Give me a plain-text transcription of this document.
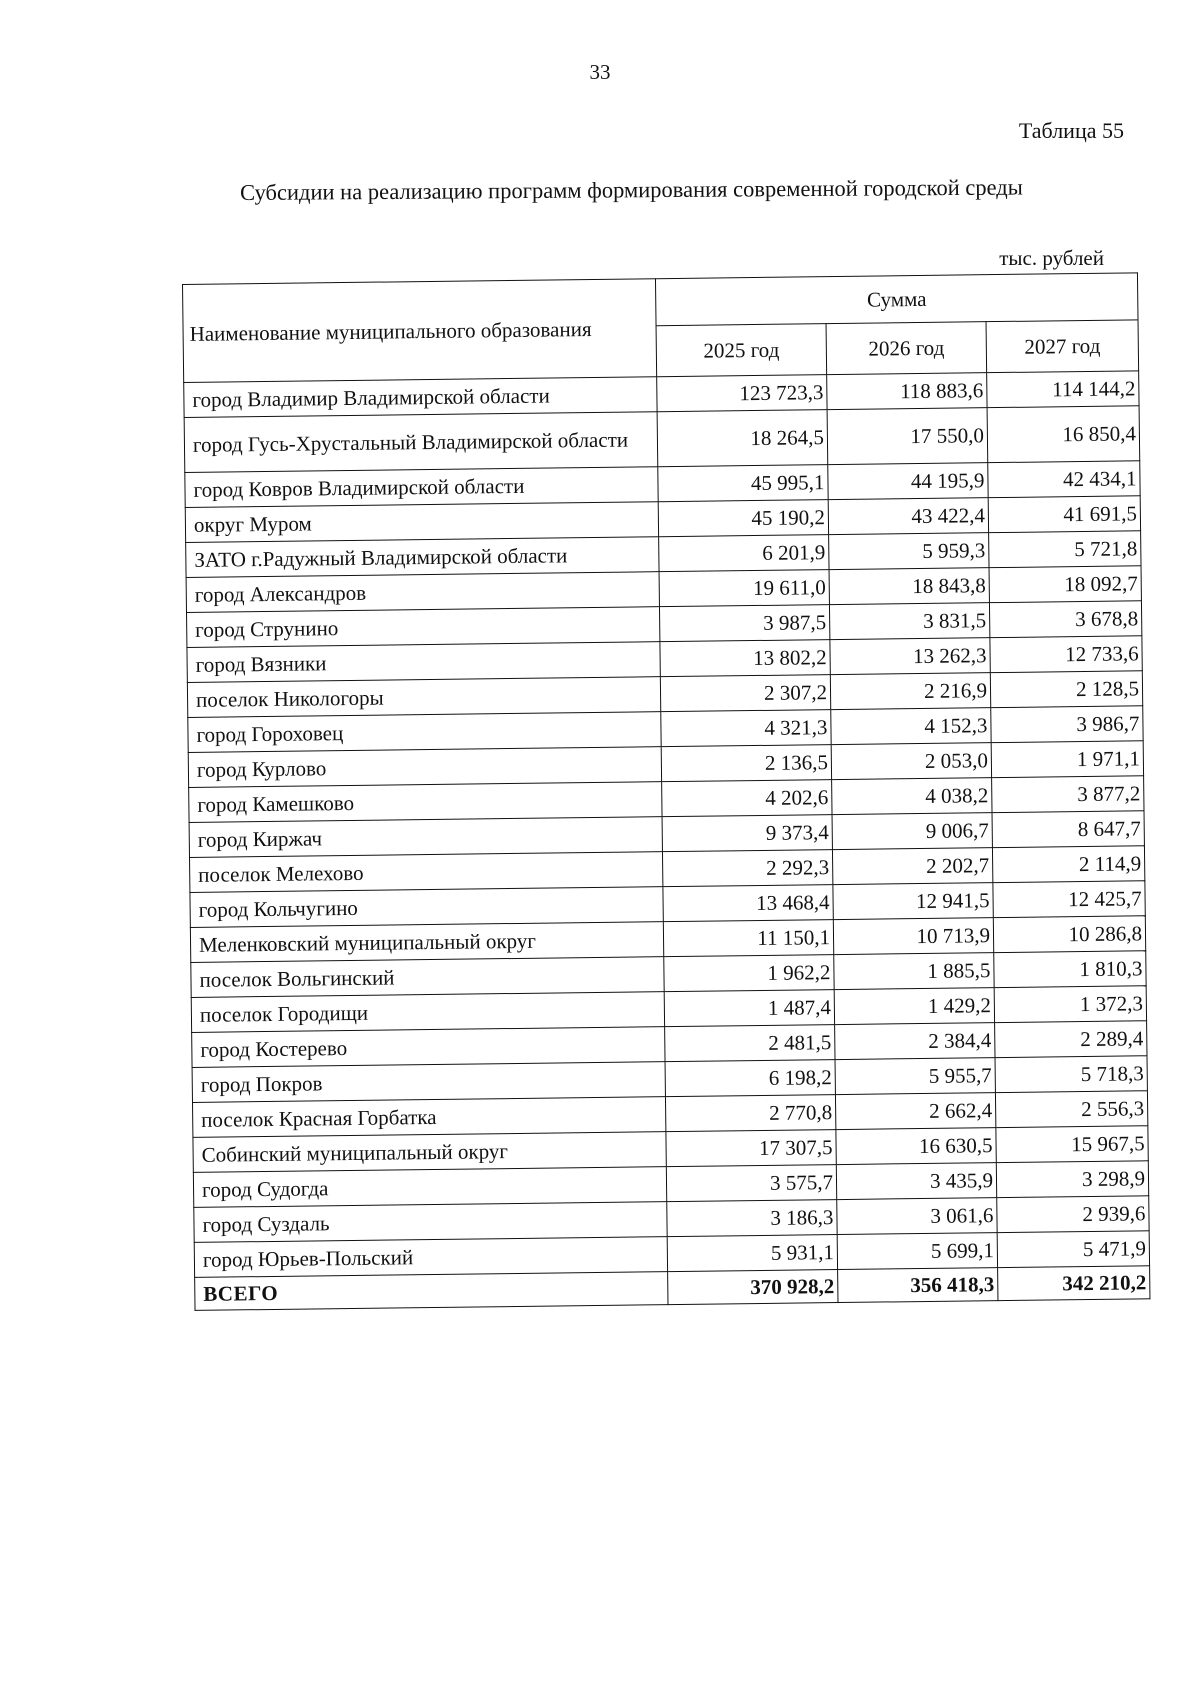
33
Таблица 55
Субсидии на реализацию программ формирования современной городской среды
тыс. рублей
Наименование муниципального образования	Сумма		
	2025 год	2026 год	2027 год
город Владимир Владимирской области	123 723,3	118 883,6	114 144,2
город Гусь-Хрустальный Владимирской области	18 264,5	17 550,0	16 850,4
город Ковров Владимирской области	45 995,1	44 195,9	42 434,1
округ Муром	45 190,2	43 422,4	41 691,5
ЗАТО г.Радужный Владимирской области	6 201,9	5 959,3	5 721,8
город Александров	19 611,0	18 843,8	18 092,7
город Струнино	3 987,5	3 831,5	3 678,8
город Вязники	13 802,2	13 262,3	12 733,6
поселок Никологоры	2 307,2	2 216,9	2 128,5
город Гороховец	4 321,3	4 152,3	3 986,7
город Курлово	2 136,5	2 053,0	1 971,1
город Камешково	4 202,6	4 038,2	3 877,2
город Киржач	9 373,4	9 006,7	8 647,7
поселок Мелехово	2 292,3	2 202,7	2 114,9
город Кольчугино	13 468,4	12 941,5	12 425,7
Меленковский муниципальный округ	11 150,1	10 713,9	10 286,8
поселок Вольгинский	1 962,2	1 885,5	1 810,3
поселок Городищи	1 487,4	1 429,2	1 372,3
город Костерево	2 481,5	2 384,4	2 289,4
город Покров	6 198,2	5 955,7	5 718,3
поселок Красная Горбатка	2 770,8	2 662,4	2 556,3
Собинский муниципальный округ	17 307,5	16 630,5	15 967,5
город Судогда	3 575,7	3 435,9	3 298,9
город Суздаль	3 186,3	3 061,6	2 939,6
город Юрьев-Польский	5 931,1	5 699,1	5 471,9
ВСЕГО	370 928,2	356 418,3	342 210,2
